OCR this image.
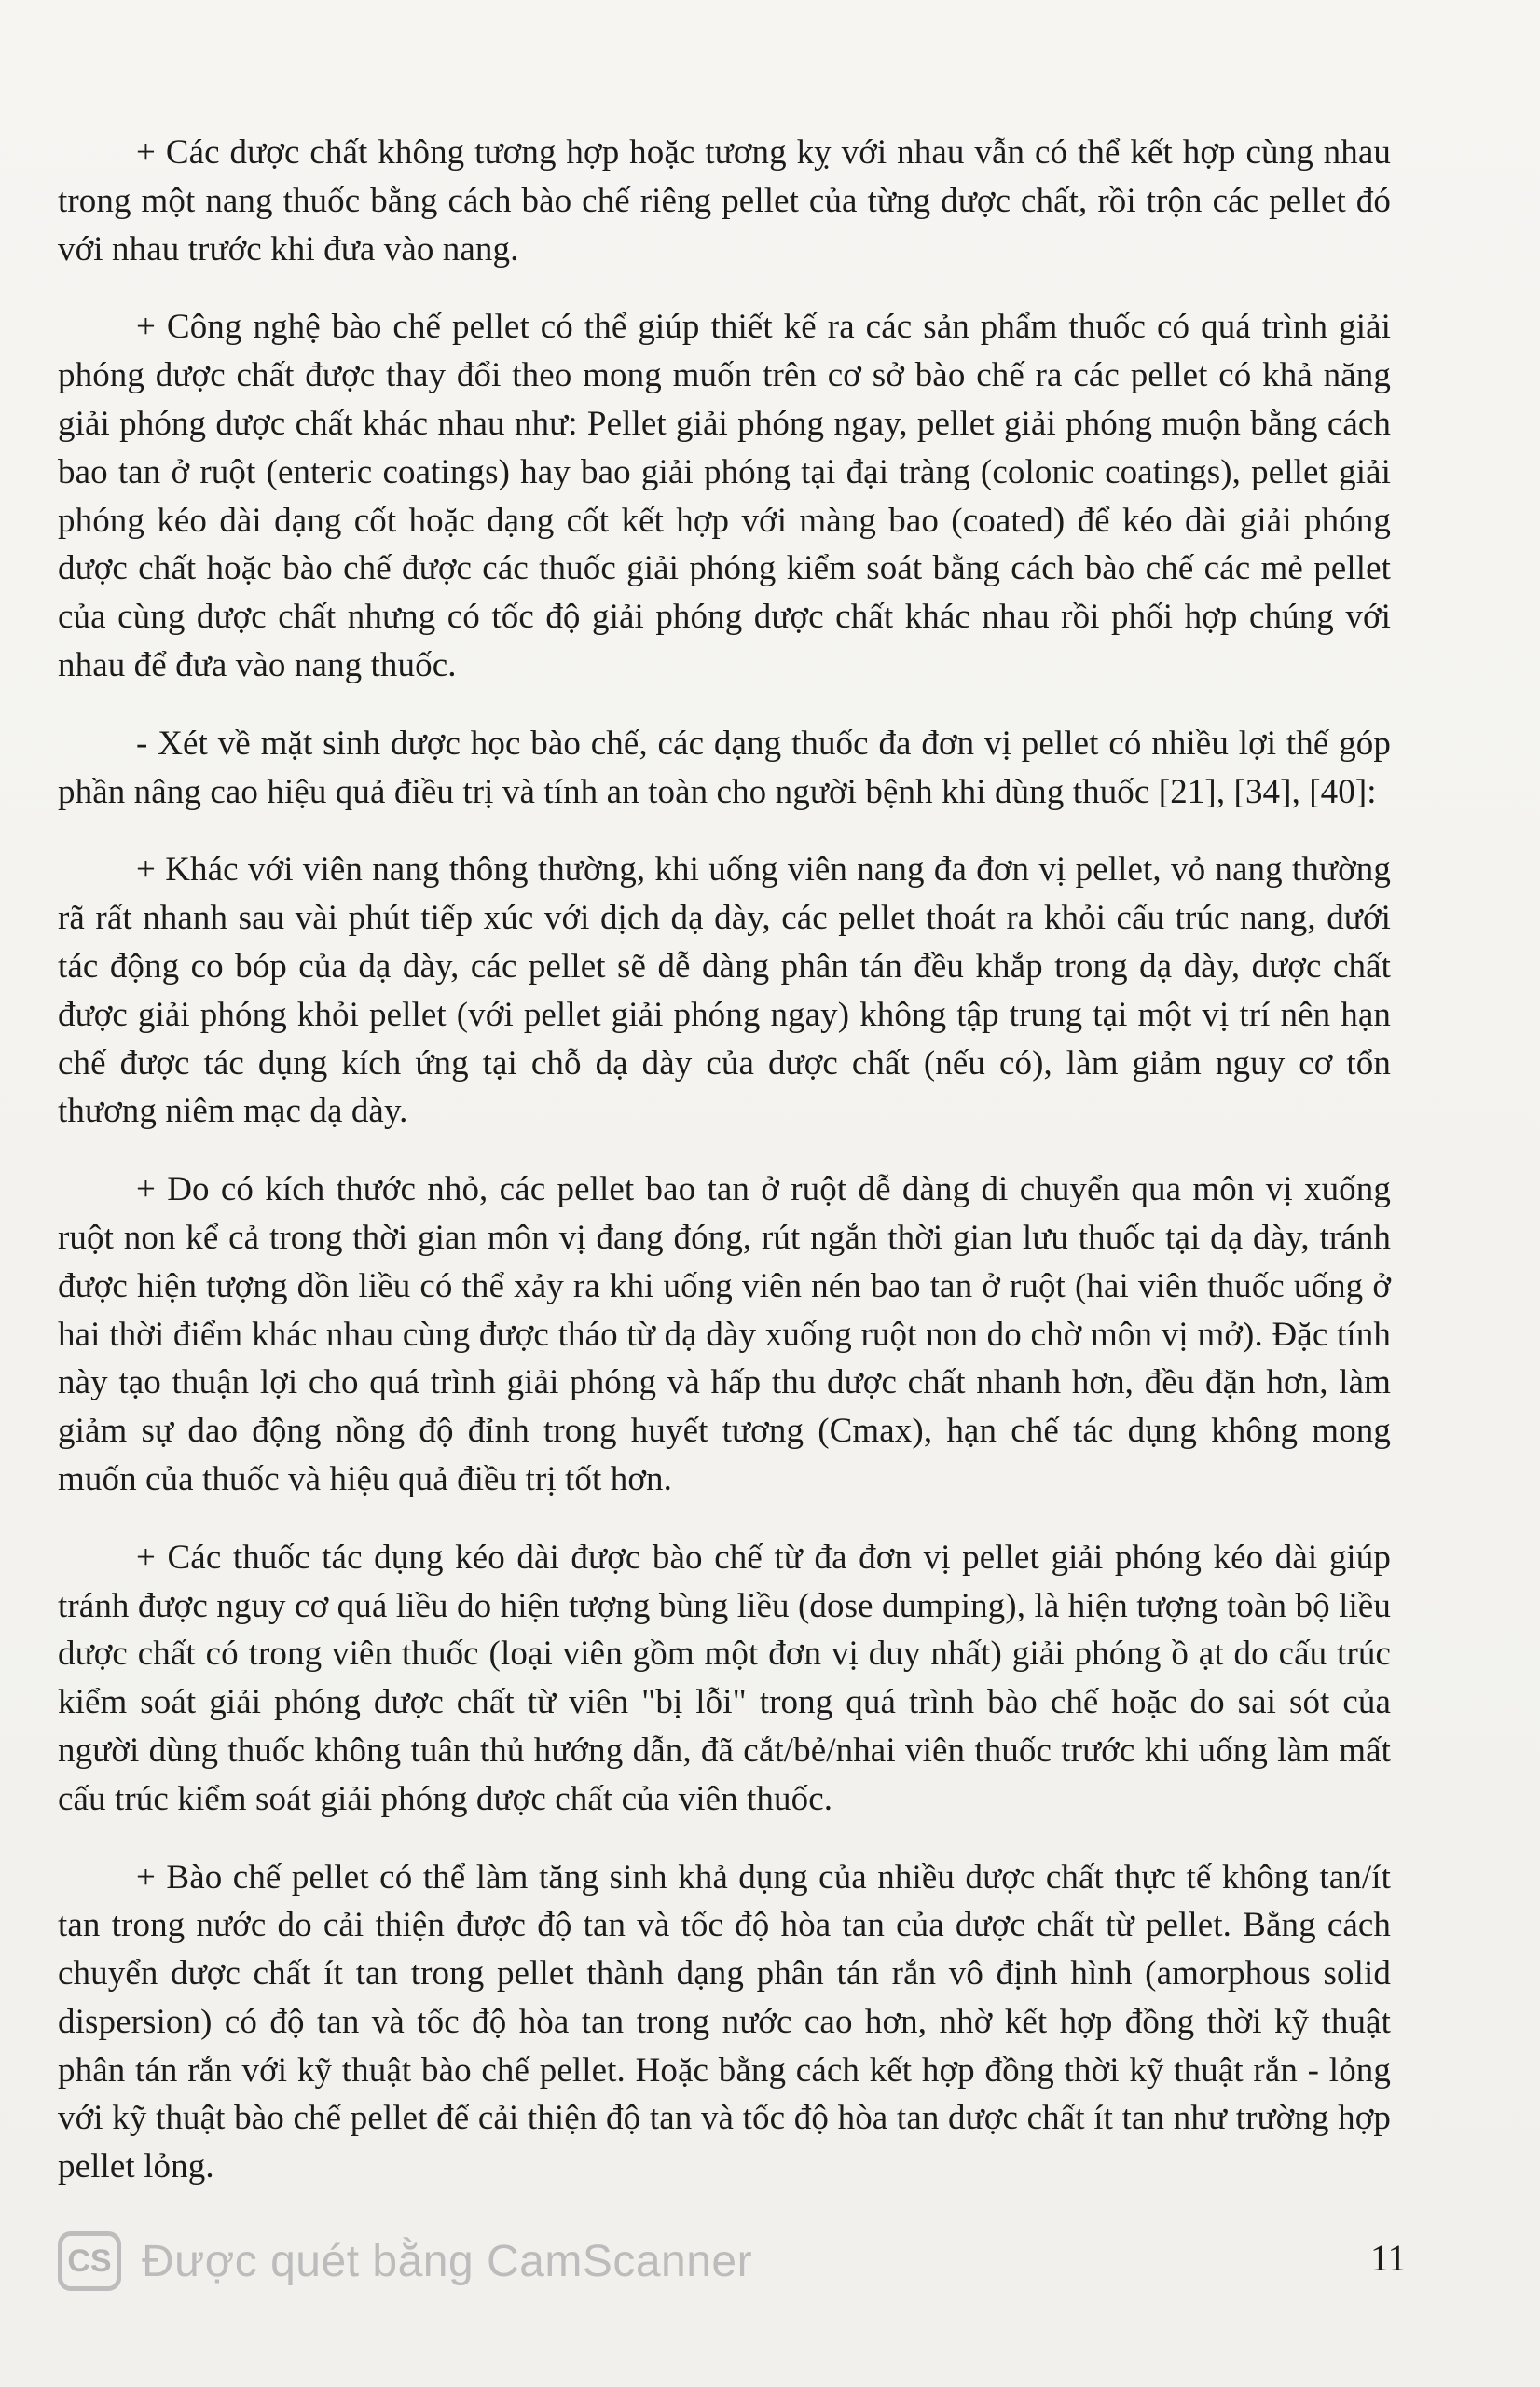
+ Các dược chất không tương hợp hoặc tương kỵ với nhau vẫn có thể kết hợp cùng nhau trong một nang thuốc bằng cách bào chế riêng pellet của từng dược chất, rồi trộn các pellet đó với nhau trước khi đưa vào nang.

+ Công nghệ bào chế pellet có thể giúp thiết kế ra các sản phẩm thuốc có quá trình giải phóng dược chất được thay đổi theo mong muốn trên cơ sở bào chế ra các pellet có khả năng giải phóng dược chất khác nhau như: Pellet giải phóng ngay, pellet giải phóng muộn bằng cách bao tan ở ruột (enteric coatings) hay bao giải phóng tại đại tràng (colonic coatings), pellet giải phóng kéo dài dạng cốt hoặc dạng cốt kết hợp với màng bao (coated) để kéo dài giải phóng dược chất hoặc bào chế được các thuốc giải phóng kiểm soát bằng cách bào chế các mẻ pellet của cùng dược chất nhưng có tốc độ giải phóng dược chất khác nhau rồi phối hợp chúng với nhau để đưa vào nang thuốc.

- Xét về mặt sinh dược học bào chế, các dạng thuốc đa đơn vị pellet có nhiều lợi thế góp phần nâng cao hiệu quả điều trị và tính an toàn cho người bệnh khi dùng thuốc [21], [34], [40]:

+ Khác với viên nang thông thường, khi uống viên nang đa đơn vị pellet, vỏ nang thường rã rất nhanh sau vài phút tiếp xúc với dịch dạ dày, các pellet thoát ra khỏi cấu trúc nang, dưới tác động co bóp của dạ dày, các pellet sẽ dễ dàng phân tán đều khắp trong dạ dày, dược chất được giải phóng khỏi pellet (với pellet giải phóng ngay) không tập trung tại một vị trí nên hạn chế được tác dụng kích ứng tại chỗ dạ dày của dược chất (nếu có), làm giảm nguy cơ tổn thương niêm mạc dạ dày.

+ Do có kích thước nhỏ, các pellet bao tan ở ruột dễ dàng di chuyển qua môn vị xuống ruột non kể cả trong thời gian môn vị đang đóng, rút ngắn thời gian lưu thuốc tại dạ dày, tránh được hiện tượng dồn liều có thể xảy ra khi uống viên nén bao tan ở ruột (hai viên thuốc uống ở hai thời điểm khác nhau cùng được tháo từ dạ dày xuống ruột non do chờ môn vị mở). Đặc tính này tạo thuận lợi cho quá trình giải phóng và hấp thu dược chất nhanh hơn, đều đặn hơn, làm giảm sự dao động nồng độ đỉnh trong huyết tương (Cmax), hạn chế tác dụng không mong muốn của thuốc và hiệu quả điều trị tốt hơn.

+ Các thuốc tác dụng kéo dài được bào chế từ đa đơn vị pellet giải phóng kéo dài giúp tránh được nguy cơ quá liều do hiện tượng bùng liều (dose dumping), là hiện tượng toàn bộ liều dược chất có trong viên thuốc (loại viên gồm một đơn vị duy nhất) giải phóng ồ ạt do cấu trúc kiểm soát giải phóng dược chất từ viên "bị lỗi" trong quá trình bào chế hoặc do sai sót của người dùng thuốc không tuân thủ hướng dẫn, đã cắt/bẻ/nhai viên thuốc trước khi uống làm mất cấu trúc kiểm soát giải phóng dược chất của viên thuốc.

+ Bào chế pellet có thể làm tăng sinh khả dụng của nhiều dược chất thực tế không tan/ít tan trong nước do cải thiện được độ tan và tốc độ hòa tan của dược chất từ pellet. Bằng cách chuyển dược chất ít tan trong pellet thành dạng phân tán rắn vô định hình (amorphous solid dispersion) có độ tan và tốc độ hòa tan trong nước cao hơn, nhờ kết hợp đồng thời kỹ thuật phân tán rắn với kỹ thuật bào chế pellet. Hoặc bằng cách kết hợp đồng thời kỹ thuật rắn - lỏng với kỹ thuật bào chế pellet để cải thiện độ tan và tốc độ hòa tan dược chất ít tan như trường hợp pellet lỏng.

CS Được quét bằng CamScanner	11
